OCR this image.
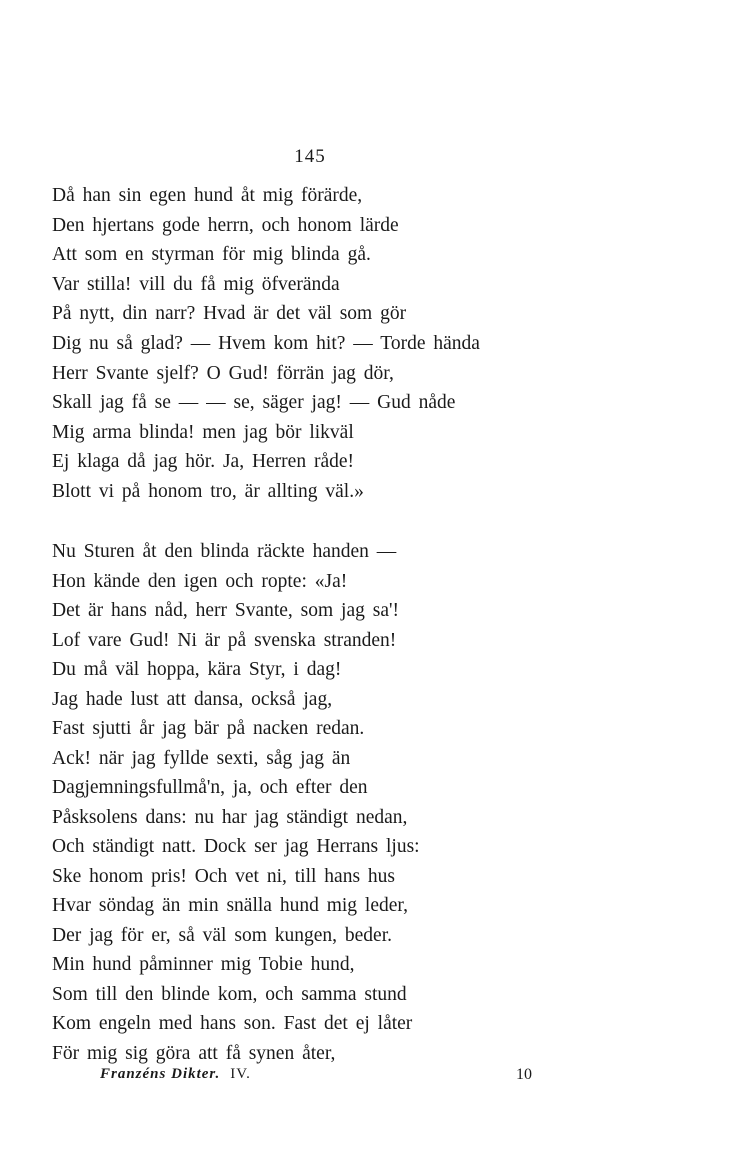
145
Då han sin egen hund åt mig förärde,
Den hjertans gode herrn, och honom lärde
Att som en styrman för mig blinda gå.
Var stilla! vill du få mig öfverända
På nytt, din narr? Hvad är det väl som gör
Dig nu så glad? — Hvem kom hit? — Torde hända
Herr Svante sjelf? O Gud! förrän jag dör,
Skall jag få se — — se, säger jag! — Gud nåde
Mig arma blinda! men jag bör likväl
Ej klaga då jag hör. Ja, Herren råde!
Blott vi på honom tro, är allting väl.»
Nu Sturen åt den blinda räckte handen —
Hon kände den igen och ropte: «Ja!
Det är hans nåd, herr Svante, som jag sa'!
Lof vare Gud! Ni är på svenska stranden!
Du må väl hoppa, kära Styr, i dag!
Jag hade lust att dansa, också jag,
Fast sjutti år jag bär på nacken redan.
Ack! när jag fyllde sexti, såg jag än
Dagjemningsfullmå'n, ja, och efter den
Påsksolens dans: nu har jag ständigt nedan,
Och ständigt natt. Dock ser jag Herrans ljus:
Ske honom pris! Och vet ni, till hans hus
Hvar söndag än min snälla hund mig leder,
Der jag för er, så väl som kungen, beder.
Min hund påminner mig Tobie hund,
Som till den blinde kom, och samma stund
Kom engeln med hans son. Fast det ej låter
För mig sig göra att få synen åter,
Franzéns Dikter. IV.	10
